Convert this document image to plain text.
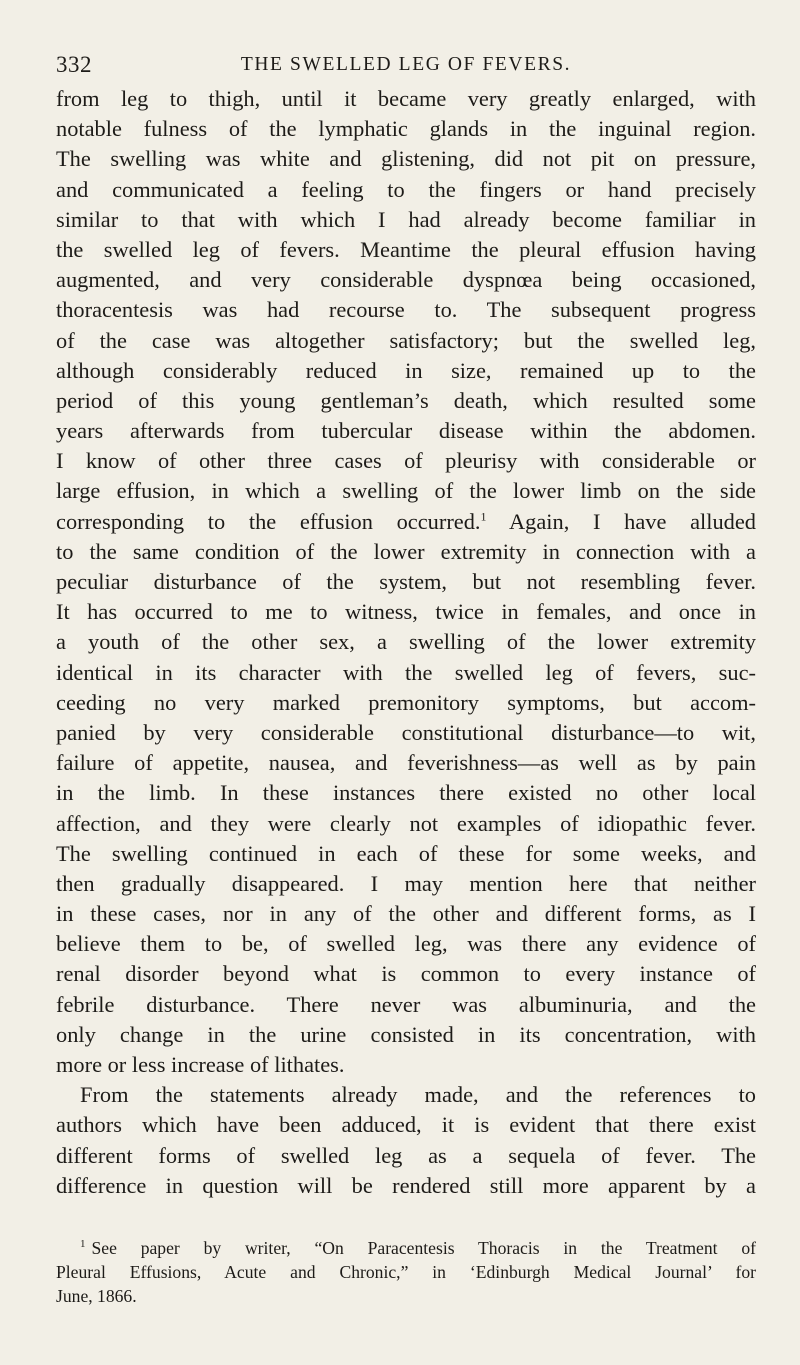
332	THE SWELLED LEG OF FEVERS.
from leg to thigh, until it became very greatly enlarged, with
notable fulness of the lymphatic glands in the inguinal region.
The swelling was white and glistening, did not pit on pressure,
and communicated a feeling to the fingers or hand precisely
similar to that with which I had already become familiar in
the swelled leg of fevers. Meantime the pleural effusion having
augmented, and very considerable dyspnœa being occasioned,
thoracentesis was had recourse to. The subsequent progress
of the case was altogether satisfactory; but the swelled leg,
although considerably reduced in size, remained up to the
period of this young gentleman’s death, which resulted some
years afterwards from tubercular disease within the abdomen.
I know of other three cases of pleurisy with considerable or
large effusion, in which a swelling of the lower limb on the side
corresponding to the effusion occurred.$^1$ Again, I have alluded
to the same condition of the lower extremity in connection with a
peculiar disturbance of the system, but not resembling fever.
It has occurred to me to witness, twice in females, and once in
a youth of the other sex, a swelling of the lower extremity
identical in its character with the swelled leg of fevers, suc-
ceeding no very marked premonitory symptoms, but accom-
panied by very considerable constitutional disturbance—to wit,
failure of appetite, nausea, and feverishness—as well as by pain
in the limb. In these instances there existed no other local
affection, and they were clearly not examples of idiopathic fever.
The swelling continued in each of these for some weeks, and
then gradually disappeared. I may mention here that neither
in these cases, nor in any of the other and different forms, as I
believe them to be, of swelled leg, was there any evidence of
renal disorder beyond what is common to every instance of
febrile disturbance. There never was albuminuria, and the
only change in the urine consisted in its concentration, with
more or less increase of lithates.
From the statements already made, and the references to
authors which have been adduced, it is evident that there exist
different forms of swelled leg as a sequela of fever. The
difference in question will be rendered still more apparent by a
$^1$ See paper by writer, “On Paracentesis Thoracis in the Treatment of
Pleural Effusions, Acute and Chronic,” in ‘Edinburgh Medical Journal’ for
June, 1866.
